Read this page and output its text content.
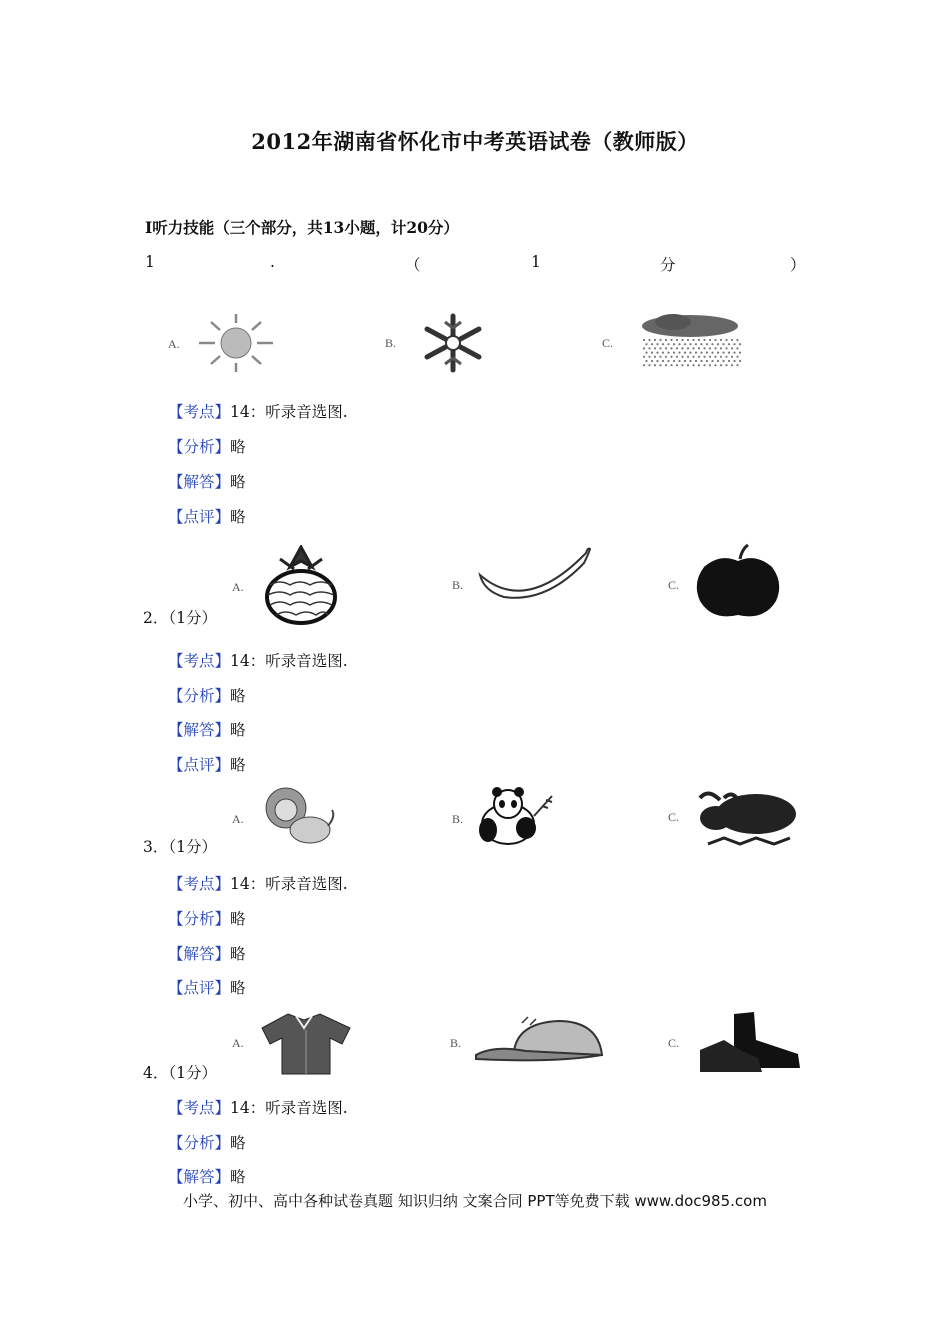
2012年湖南省怀化市中考英语试卷（教师版）
Ⅰ听力技能（三个部分，共13小题，计20分）
1	.	（	1	分	）
A.	B.	C.
【考点】14：听录音选图.
【分析】略
【解答】略
【点评】略
A.	B.	C.
2．（1分）
【考点】14：听录音选图.
【分析】略
【解答】略
【点评】略
A.	B.	C.
3．（1分）
【考点】14：听录音选图.
【分析】略
【解答】略
【点评】略
A.	B.	C.
4．（1分）
【考点】14：听录音选图.
【分析】略
【解答】略
小学、初中、高中各种试卷真题 知识归纳 文案合同 PPT等免费下载 www.doc985.com
